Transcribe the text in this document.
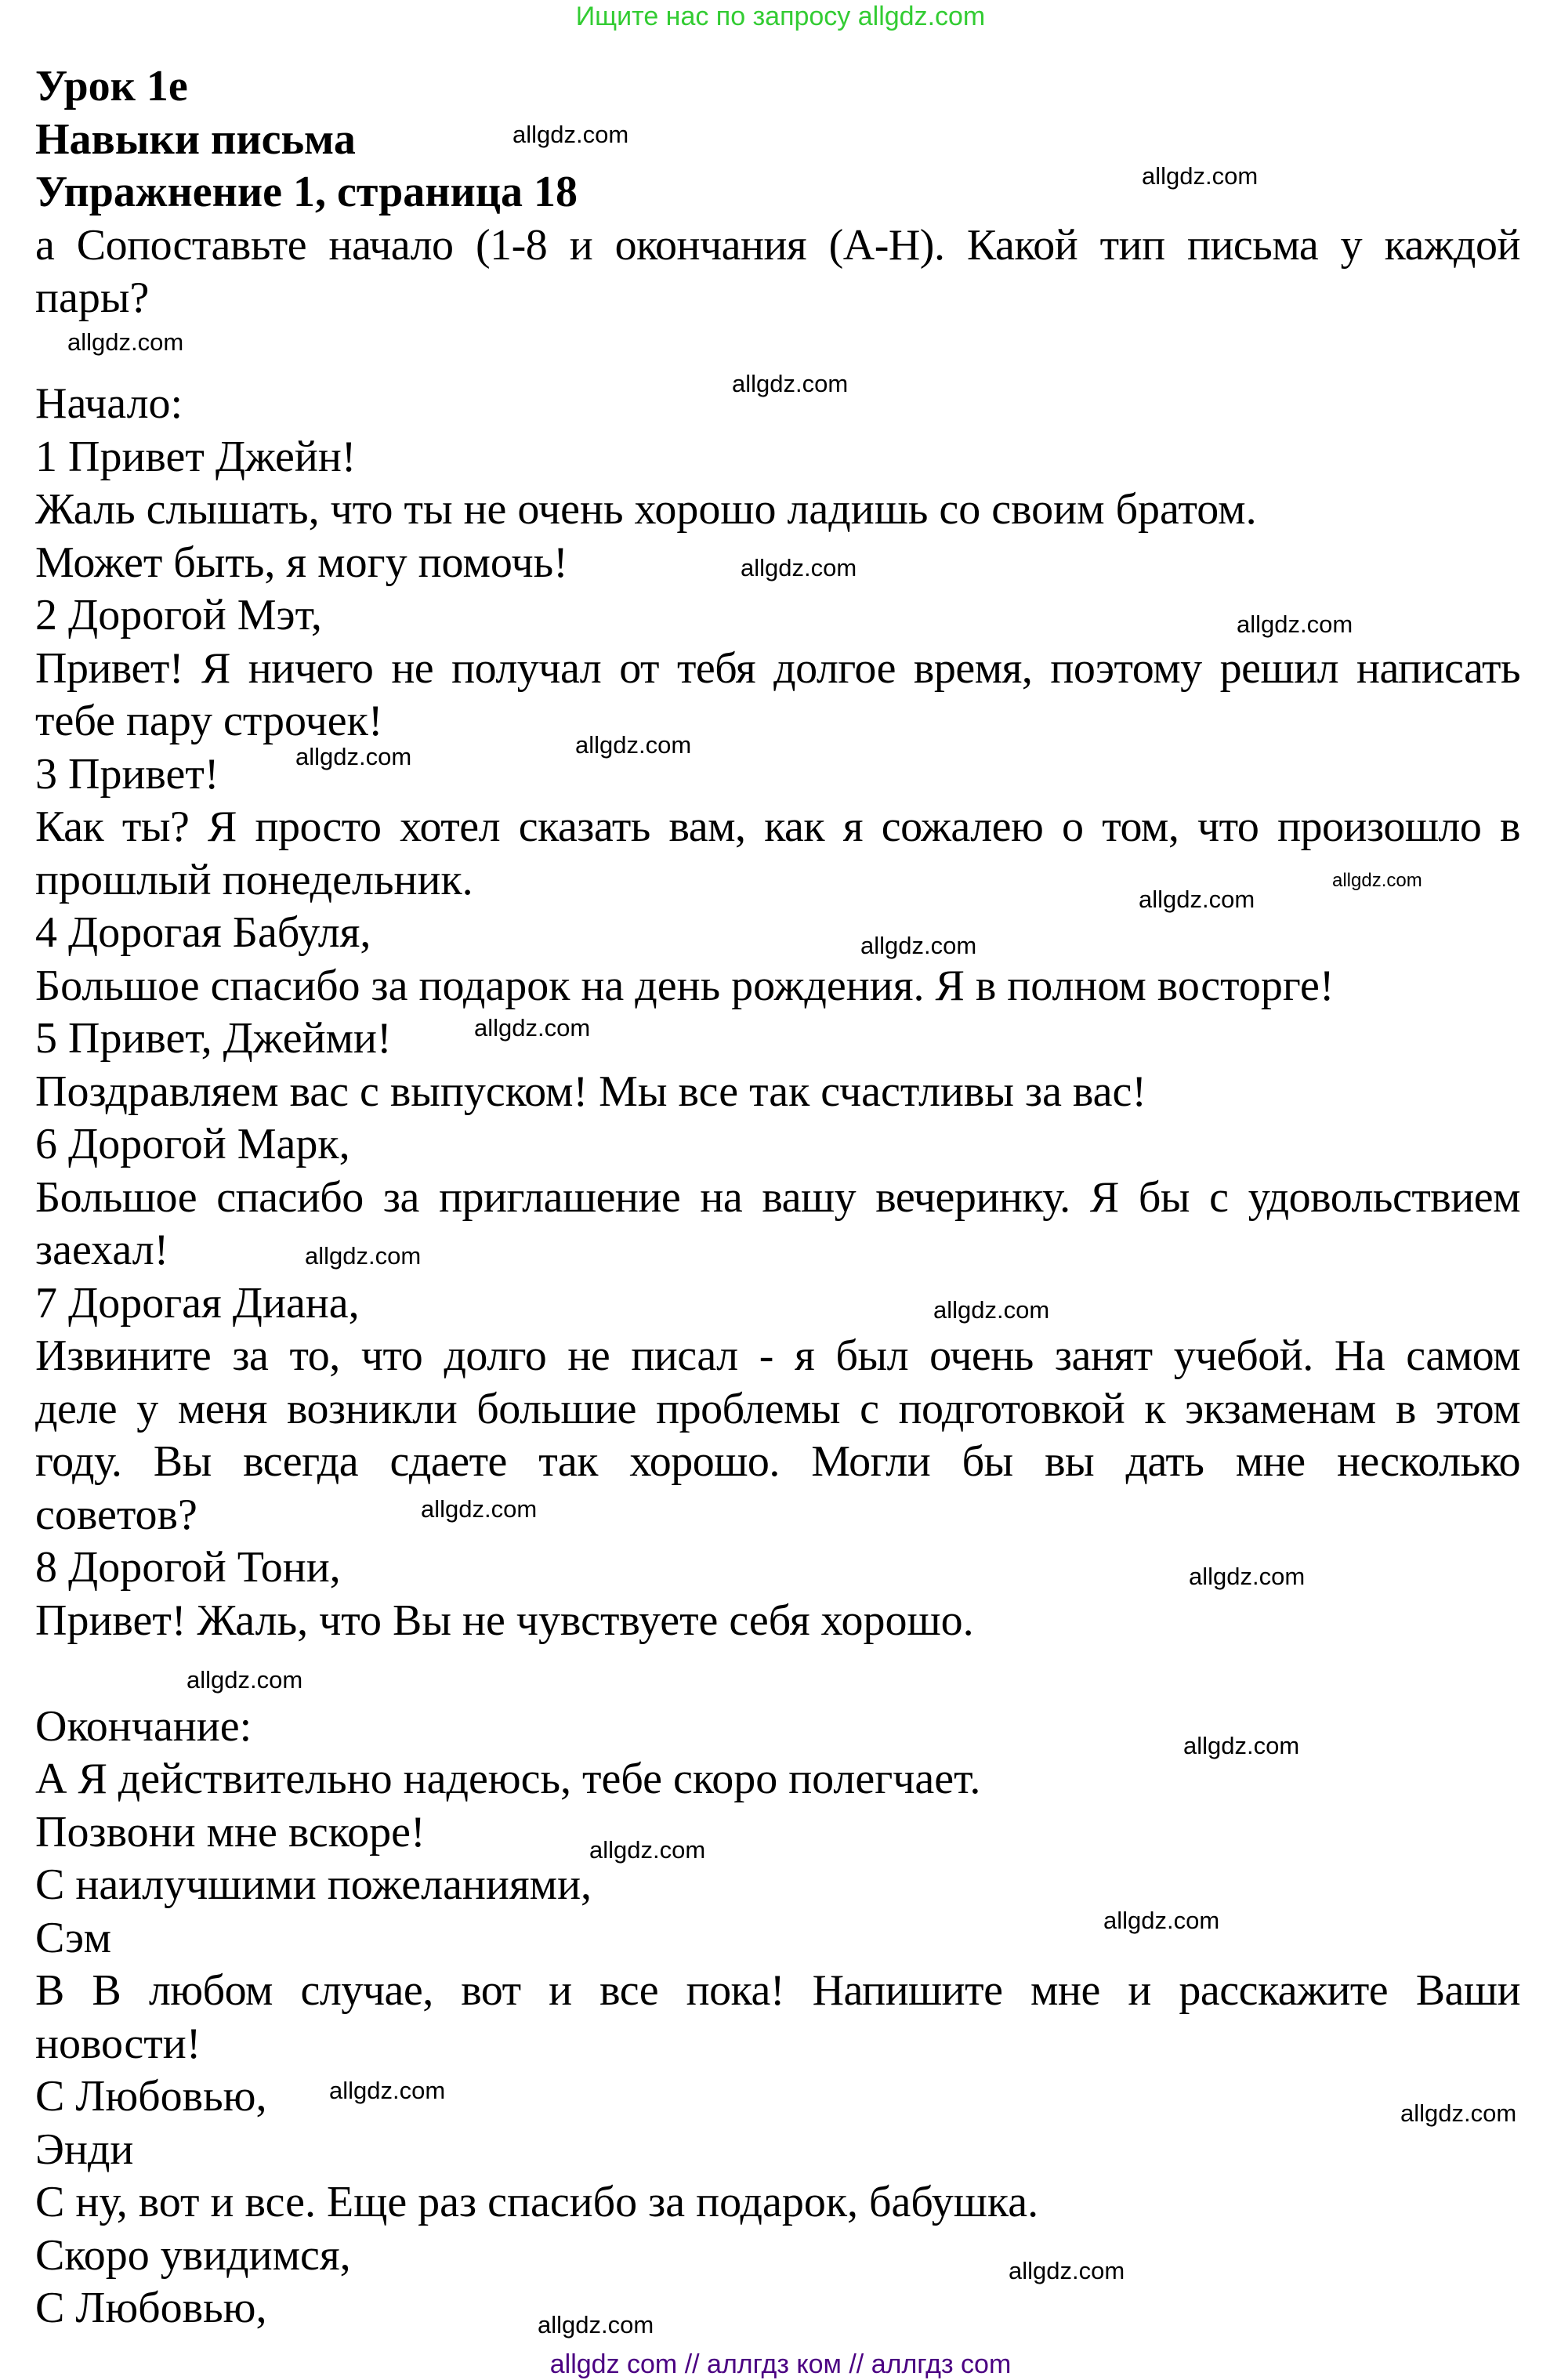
Ищите нас по запросу allgdz.com
Урок 1е
Навыки письма
Упражнение 1, страница 18
а Сопоставьте начало (1-8 и окончания (А-Н). Какой тип письма у каждой
пары?
Начало:
1 Привет Джейн!
Жаль слышать, что ты не очень хорошо ладишь со своим братом.
Может быть, я могу помочь!
2 Дорогой Мэт,
Привет! Я ничего не получал от тебя долгое время, поэтому решил написать
тебе пару строчек!
3 Привет!
Как ты? Я просто хотел сказать вам, как я сожалею о том, что произошло в
прошлый понедельник.
4 Дорогая Бабуля,
Большое спасибо за подарок на день рождения. Я в полном восторге!
5 Привет, Джейми!
Поздравляем вас с выпуском! Мы все так счастливы за вас!
6 Дорогой Марк,
Большое спасибо за приглашение на вашу вечеринку. Я бы с удовольствием
заехал!
7 Дорогая Диана,
Извините за то, что долго не писал - я был очень занят учебой. На самом
деле у меня возникли большие проблемы с подготовкой к экзаменам в этом
году. Вы всегда сдаете так хорошо. Могли бы вы дать мне несколько
советов?
8 Дорогой Тони,
Привет! Жаль, что Вы не чувствуете себя хорошо.
Окончание:
А Я действительно надеюсь, тебе скоро полегчает.
Позвони мне вскоре!
С наилучшими пожеланиями,
Сэм
В В любом случае, вот и все пока! Напишите мне и расскажите Ваши
новости!
С Любовью,
Энди
С ну, вот и все. Еще раз спасибо за подарок, бабушка.
Скоро увидимся,
С Любовью,
allgdz.com
allgdz.com
allgdz.com
allgdz.com
allgdz.com
allgdz.com
allgdz.com
allgdz.com
allgdz.com
allgdz.com
allgdz.com
allgdz.com
allgdz.com
allgdz.com
allgdz.com
allgdz.com
allgdz.com
allgdz.com
allgdz.com
allgdz.com
allgdz.com
allgdz.com
allgdz.com
allgdz.com
allgdz com // аллгдз ком // аллгдз com
